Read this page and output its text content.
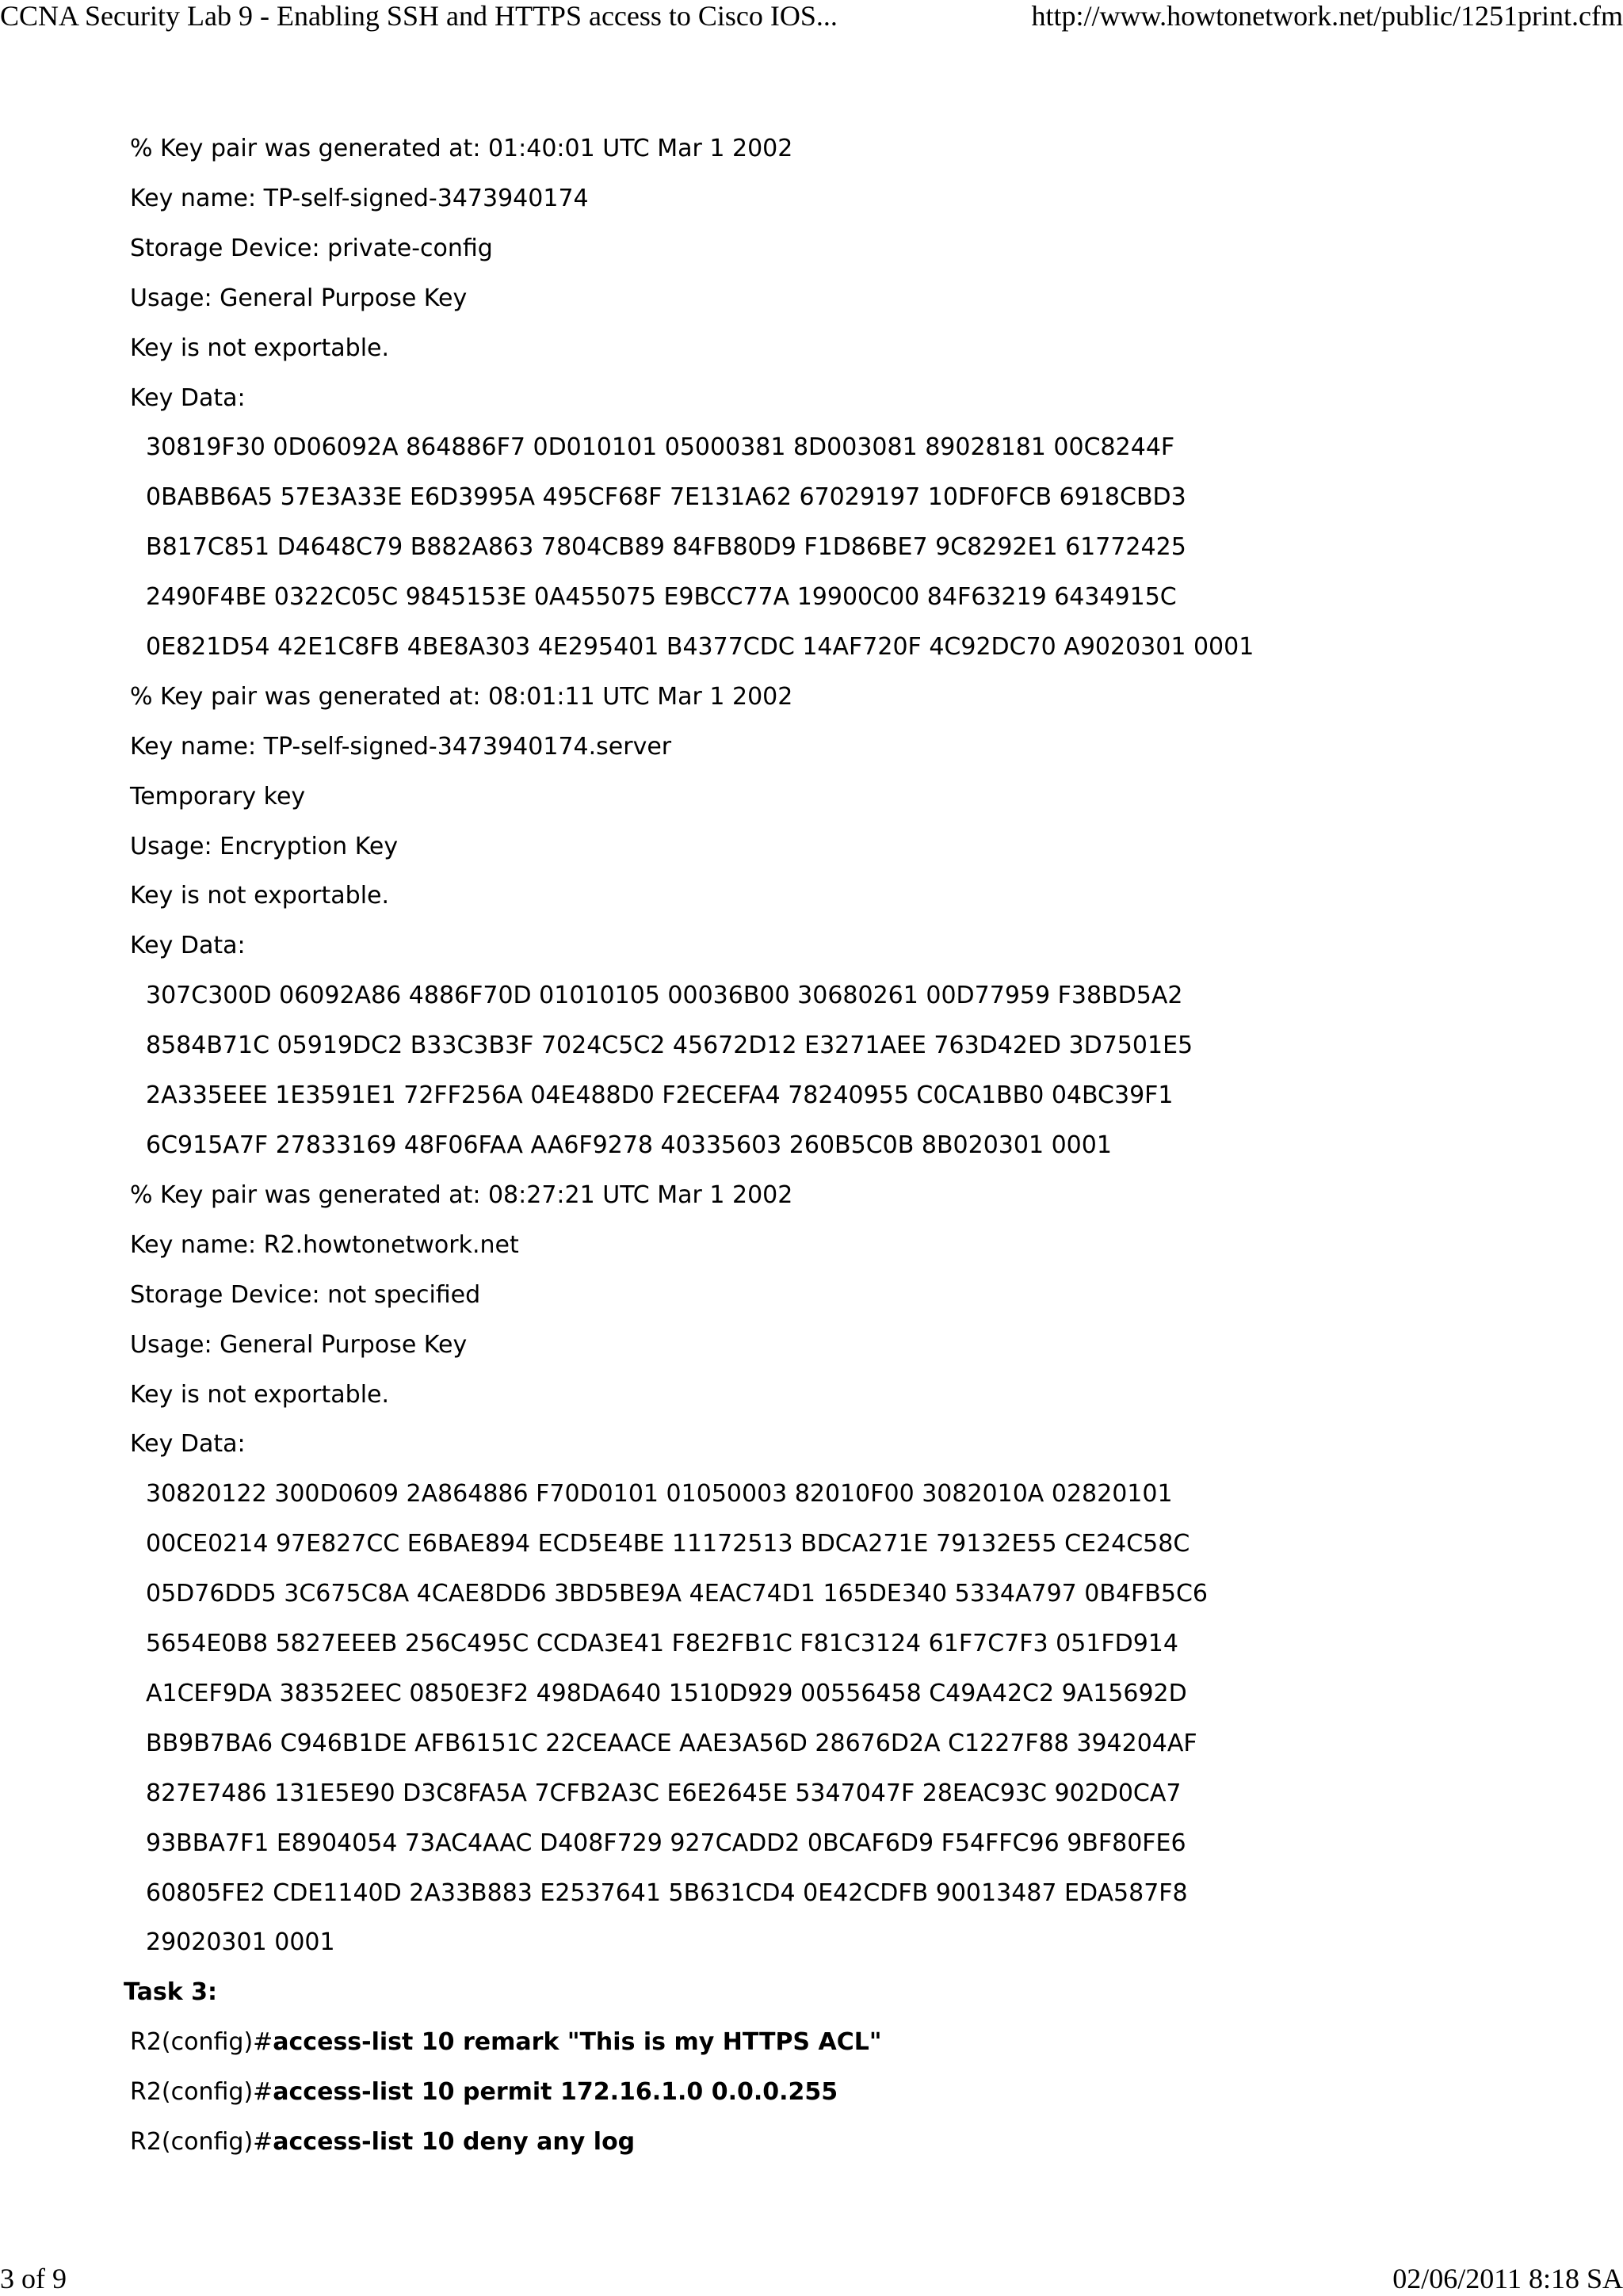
CCNA Security Lab 9 - Enabling SSH and HTTPS access to Cisco IOS...	http://www.howtonetwork.net/public/1251print.cfm
% Key pair was generated at: 01:40:01 UTC Mar 1 2002
Key name: TP-self-signed-3473940174
Storage Device: private-config
Usage: General Purpose Key
Key is not exportable.
Key Data:
30819F30 0D06092A 864886F7 0D010101 05000381 8D003081 89028181 00C8244F
0BABB6A5 57E3A33E E6D3995A 495CF68F 7E131A62 67029197 10DF0FCB 6918CBD3
B817C851 D4648C79 B882A863 7804CB89 84FB80D9 F1D86BE7 9C8292E1 61772425
2490F4BE 0322C05C 9845153E 0A455075 E9BCC77A 19900C00 84F63219 6434915C
0E821D54 42E1C8FB 4BE8A303 4E295401 B4377CDC 14AF720F 4C92DC70 A9020301 0001
% Key pair was generated at: 08:01:11 UTC Mar 1 2002
Key name: TP-self-signed-3473940174.server
Temporary key
Usage: Encryption Key
Key is not exportable.
Key Data:
307C300D 06092A86 4886F70D 01010105 00036B00 30680261 00D77959 F38BD5A2
8584B71C 05919DC2 B33C3B3F 7024C5C2 45672D12 E3271AEE 763D42ED 3D7501E5
2A335EEE 1E3591E1 72FF256A 04E488D0 F2ECEFA4 78240955 C0CA1BB0 04BC39F1
6C915A7F 27833169 48F06FAA AA6F9278 40335603 260B5C0B 8B020301 0001
% Key pair was generated at: 08:27:21 UTC Mar 1 2002
Key name: R2.howtonetwork.net
Storage Device: not specified
Usage: General Purpose Key
Key is not exportable.
Key Data:
30820122 300D0609 2A864886 F70D0101 01050003 82010F00 3082010A 02820101
00CE0214 97E827CC E6BAE894 ECD5E4BE 11172513 BDCA271E 79132E55 CE24C58C
05D76DD5 3C675C8A 4CAE8DD6 3BD5BE9A 4EAC74D1 165DE340 5334A797 0B4FB5C6
5654E0B8 5827EEEB 256C495C CCDA3E41 F8E2FB1C F81C3124 61F7C7F3 051FD914
A1CEF9DA 38352EEC 0850E3F2 498DA640 1510D929 00556458 C49A42C2 9A15692D
BB9B7BA6 C946B1DE AFB6151C 22CEAACE AAE3A56D 28676D2A C1227F88 394204AF
827E7486 131E5E90 D3C8FA5A 7CFB2A3C E6E2645E 5347047F 28EAC93C 902D0CA7
93BBA7F1 E8904054 73AC4AAC D408F729 927CADD2 0BCAF6D9 F54FFC96 9BF80FE6
60805FE2 CDE1140D 2A33B883 E2537641 5B631CD4 0E42CDFB 90013487 EDA587F8
29020301 0001
Task 3:
R2(config)#access-list 10 remark "This is my HTTPS ACL"
R2(config)#access-list 10 permit 172.16.1.0 0.0.0.255
R2(config)#access-list 10 deny any log
3 of 9	02/06/2011 8:18 SA
